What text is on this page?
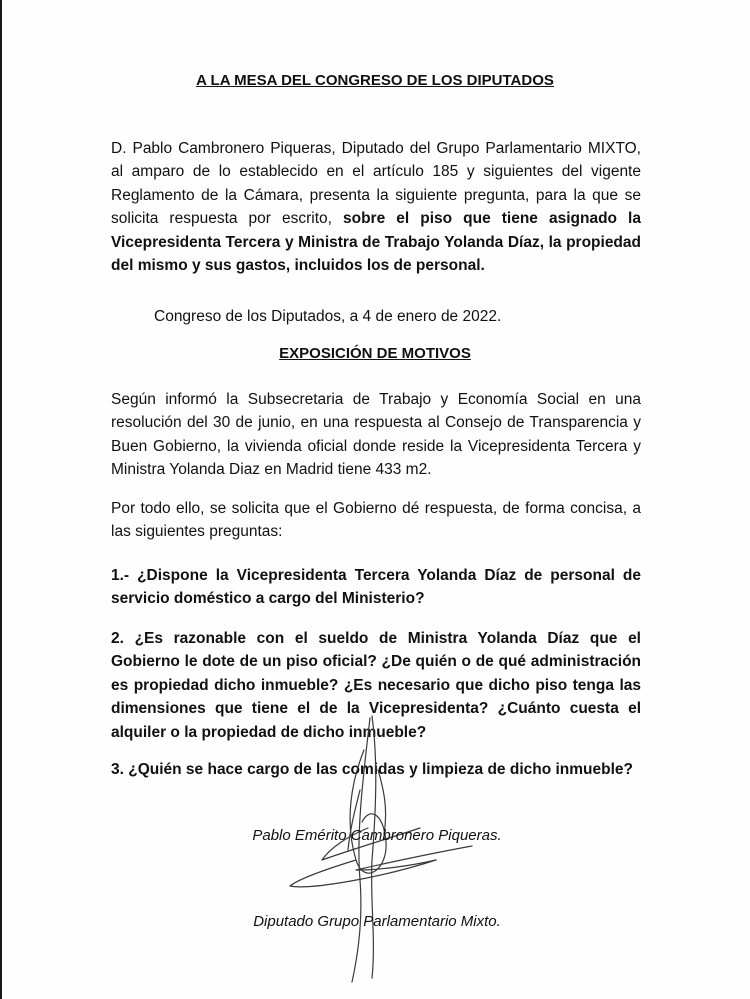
A LA MESA DEL CONGRESO DE LOS DIPUTADOS
D. Pablo Cambronero Piqueras, Diputado del Grupo Parlamentario MIXTO, al amparo de lo establecido en el artículo 185 y siguientes del vigente Reglamento de la Cámara, presenta la siguiente pregunta, para la que se solicita respuesta por escrito, sobre el piso que tiene asignado la Vicepresidenta Tercera y Ministra de Trabajo Yolanda Díaz, la propiedad del mismo y sus gastos, incluidos los de personal.
Congreso de los Diputados, a 4 de enero de 2022.
EXPOSICIÓN DE MOTIVOS
Según informó la Subsecretaria de Trabajo y Economía Social en una resolución del 30 de junio, en una respuesta al Consejo de Transparencia y Buen Gobierno, la vivienda oficial donde reside la Vicepresidenta Tercera y Ministra Yolanda Diaz en Madrid tiene 433 m2.
Por todo ello, se solicita que el Gobierno dé respuesta, de forma concisa, a las siguientes preguntas:
1.- ¿Dispone la Vicepresidenta Tercera Yolanda Díaz de personal de servicio doméstico a cargo del Ministerio?
2. ¿Es razonable con el sueldo de Ministra Yolanda Díaz que el Gobierno le dote de un piso oficial? ¿De quién o de qué administración es propiedad dicho inmueble? ¿Es necesario que dicho piso tenga las dimensiones que tiene el de la Vicepresidenta? ¿Cuánto cuesta el alquiler o la propiedad de dicho inmueble?
3. ¿Quién se hace cargo de las comidas y limpieza de dicho inmueble?
Pablo Emérito Cambronero Piqueras.
Diputado Grupo Parlamentario Mixto.
